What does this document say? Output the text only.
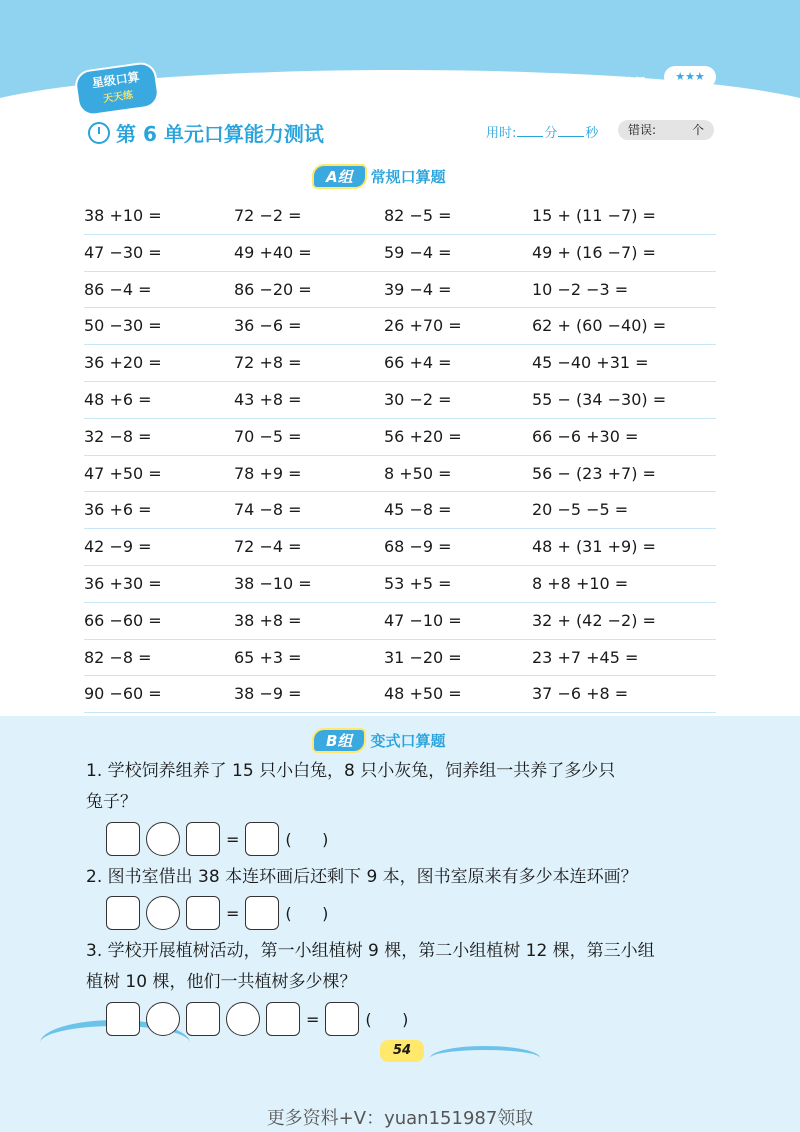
星级口算
天天练
一年级数学下（R 版）	难易等级:	★★★
第 6 单元口算能力测试	用时: 分 秒 错误:	个
A组 常规口算题
38 +10 =	72 −2 =	82 −5 =	15 + (11 −7) =
47 −30 =	49 +40 =	59 −4 =	49 + (16 −7) =
86 −4 =	86 −20 =	39 −4 =	10 −2 −3 =
50 −30 =	36 −6 =	26 +70 =	62 + (60 −40) =
36 +20 =	72 +8 =	66 +4 =	45 −40 +31 =
48 +6 =	43 +8 =	30 −2 =	55 − (34 −30) =
32 −8 =	70 −5 =	56 +20 =	66 −6 +30 =
47 +50 =	78 +9 =	8 +50 =	56 − (23 +7) =
36 +6 =	74 −8 =	45 −8 =	20 −5 −5 =
42 −9 =	72 −4 =	68 −9 =	48 + (31 +9) =
36 +30 =	38 −10 =	53 +5 =	8 +8 +10 =
66 −60 =	38 +8 =	47 −10 =	32 + (42 −2) =
82 −8 =	65 +3 =	31 −20 =	23 +7 +45 =
90 −60 =	38 −9 =	48 +50 =	37 −6 +8 =
B组 变式口算题
1. 学校饲养组养了 15 只小白兔，8 只小灰兔，饲养组一共养了多少只
兔子？
=	(      )
2. 图书室借出 38 本连环画后还剩下 9 本，图书室原来有多少本连环画？
=	(      )
3. 学校开展植树活动，第一小组植树 9 棵，第二小组植树 12 棵，第三小组
植树 10 棵，他们一共植树多少棵？
=	(      )
54
更多资料+V：yuan151987领取
